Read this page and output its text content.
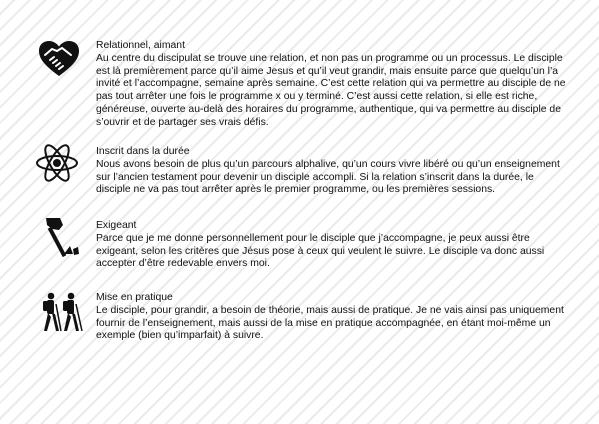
Relationnel, aimant

Au centre du discipulat se trouve une relation, et non pas un programme ou un processus. Le disciple est là premièrement parce qu’il aime Jesus et qu’il veut grandir, mais ensuite parce que quelqu’un l’a invité et l’accompagne, semaine après semaine. C’est cette relation qui va permettre au disciple de ne pas tout arrêter une fois le programme x ou y terminé. C’est aussi cette relation, si elle est riche, généreuse, ouverte au-delà des horaires du programme, authentique, qui va permettre au disciple de s’ouvrir et de partager ses vrais défis.

Inscrit dans la durée

Nous avons besoin de plus qu’un parcours alphalive, qu’un cours vivre libéré ou qu’un enseignement sur l’ancien testament pour devenir un disciple accompli. Si la relation s’inscrit dans la durée, le disciple ne va pas tout arrêter après le premier programme, ou les premières sessions.

Exigeant

Parce que je me donne personnellement pour le disciple que j’accompagne, je peux aussi être exigeant, selon les critères que Jésus pose à ceux qui veulent le suivre. Le disciple va donc aussi accepter d’être redevable envers moi.

Mise en pratique

Le disciple, pour grandir, a besoin de théorie, mais aussi de pratique. Je ne vais ainsi pas uniquement fournir de l’enseignement, mais aussi de la mise en pratique accompagnée, en étant moi-même un exemple (bien qu’imparfait) à suivre.
